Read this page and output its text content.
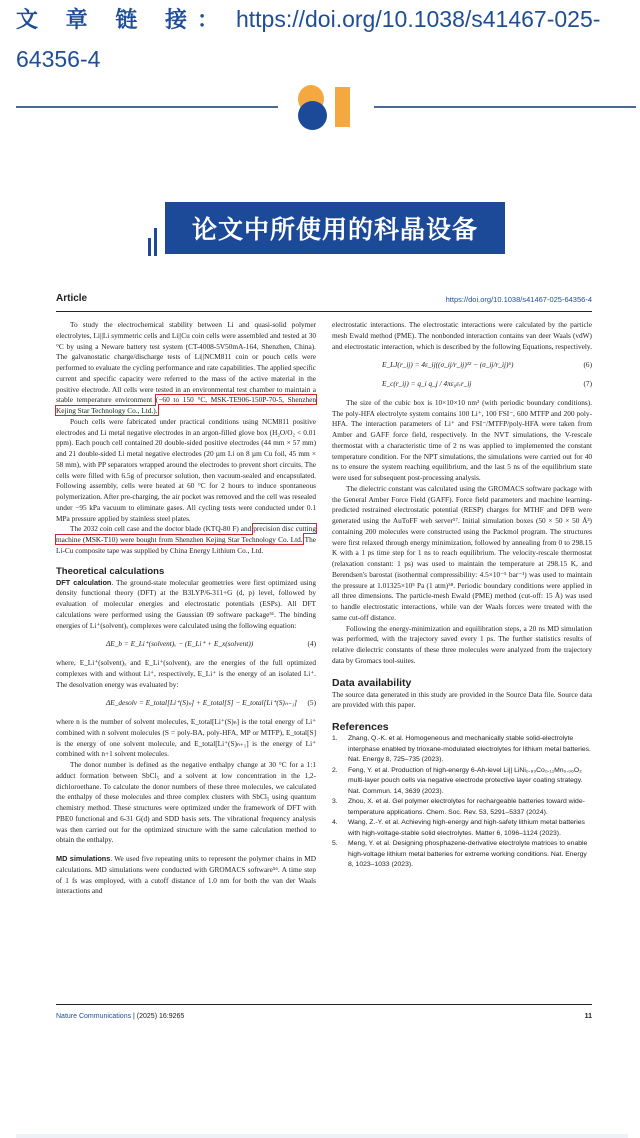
文 章 链 接： https://doi.org/10.1038/s41467-025-64356-4
论文中所使用的科晶设备
Article	https://doi.org/10.1038/s41467-025-64356-4

To study the electrochemical stability between Li and quasi-solid polymer electrolytes, Li||Li symmetric cells and Li||Cu coin cells were assembled and tested at 30 °C by using a Neware battery test system (CT-4008-5V50mA-164, Shenzhen, China). The galvanostatic charge/discharge tests of Li||NCM811 coin or pouch cells were performed to evaluate the cycling performance and rate capabilities. The applied specific current and specific capacity were referred to the mass of the active material in the positive electrode. All cells were tested in an environmental test chamber to maintain a stable temperature environment (−60 to 150 °C, MSK-TE906-150P-70-5, Shenzhen Kejing Star Technology Co., Ltd.).

Pouch cells were fabricated under practical conditions using NCM811 positive electrodes and Li metal negative electrodes in an argon-filled glove box (H₂O/O₂ < 0.01 ppm). Each pouch cell contained 20 double-sided positive electrodes (44 mm × 57 mm) and 21 double-sided Li metal negative electrodes (20 µm Li on 8 µm Cu foil, 45 mm × 58 mm), with PP separators wrapped around the electrodes to prevent short circuits. The cells were filled with 6.5g of precursor solution, then vacuum-sealed and encapsulated. Following assembly, cells were heated at 60 °C for 2 hours to induce spontaneous polymerization. After pre-charging, the air pocket was removed and the cell was resealed under −95 kPa vacuum to eliminate gases. All cycling tests were conducted under 0.1 MPa pressure applied by stainless steel plates.

The 2032 coin cell case and the doctor blade (KTQ-80 F) and precision disc cutting machine (MSK-T10) were bought from Shenzhen Kejing Star Technology Co. Ltd. The Li-Cu composite tape was supplied by China Energy Lithium Co., Ltd.

Theoretical calculations

DFT calculation. The ground-state molecular geometries were first optimized using density functional theory (DFT) at the B3LYP/6-311+G (d, p) level, followed by evaluation of molecular energies and electrostatic potentials (ESPs). All DFT calculations were performed using the Gaussian 09 software package⁵¹. The binding energies of Li⁺(solvent)ₓ complexes were calculated using the following equation:

ΔE_b = E_Li⁺(solvent)ₓ − (E_Li⁺ + E_x(solvent))	(4)

where, E_Li⁺(solvent)ₓ and E_Li⁺(solvent)ₓ are the energies of the full optimized complexes with and without Li⁺, respectively, E_Li⁺ is the energy of an isolated Li⁺. The desolvation energy was evaluated by:

ΔE_desolv = E_total[Li⁺(S)ₙ] + E_total[S] − E_total[Li⁺(S)ₙ₋₁] (5)

where n is the number of solvent molecules, E_total[Li⁺(S)ₙ] is the total energy of Li⁺ combined with n solvent molecules (S = poly-BA, poly-HFA, MP or MTFP), E_total[S] is the energy of one solvent molecule, and E_total[Li⁺(S)ₙ₊₁] is the energy of Li⁺ combined with n+1 solvent molecules.

The donor number is defined as the negative enthalpy change at 30 °C for a 1:1 adduct formation between SbCl₅ and a solvent at low concentration in the 1,2-dichloroethane. To calculate the donor numbers of these three molecules, we calculated the enthalpy of these molecules and three complex clusters with SbCl₅ using quantum chemistry method. These structures were optimized under the framework of DFT with PBE0 functional and 6-31 G(d) and SDD basis sets. The vibrational frequency analysis was then carried out for the optimized structure with the same calculation method to obtain the enthalpy.

MD simulations. We used five repeating units to represent the polymer chains in MD calculations. MD simulations were conducted with GROMACS software⁵⁶. A time step of 1 fs was employed, with a cutoff distance of 1.0 nm for both the van der Waals interactions and

electrostatic interactions. The electrostatic interactions were calculated by the particle mesh Ewald method (PME). The nonbonded interaction contains van deer Waals (vdW) and electrostatic interaction, which is described by the following Equations, respectively.

E_LJ(r_ij) = 4ε_ij((σ_ij/r_ij)¹² − (σ_ij/r_ij)⁶)	(6)
E_c(r_ij) = q_i q_j / 4πε₀εᵣr_ij	(7)

The size of the cubic box is 10×10×10 nm³ (with periodic boundary conditions). The poly-HFA electrolyte system contains 100 Li⁺, 100 FSI⁻, 600 MTFP and 200 poly-HFA. The interaction parameters of Li⁺ and FSI⁻/MTFP/poly-HFA were taken from Amber and GAFF force field, respectively. In the NVT simulations, the V-rescale thermostat with a characteristic time of 2 ns was applied to implemented the constant temperature condition. For the NPT simulations, the simulations were carried out for 40 ns to ensure the system reaching equilibrium, and the last 5 ns of the equilibrium state were used for subsequent post-processing analysis.

The dielectric constant was calculated using the GROMACS software package with the General Amber Force Field (GAFF). Force field parameters and machine learning-predicted restrained electrostatic potential (RESP) charges for MTHF and DFB were generated using the AuToFF web server⁵⁷. Initial simulation boxes (50 × 50 × 50 Å³) containing 200 molecules were constructed using the Packmol program. The structures were first relaxed through energy minimization, followed by annealing from 0 to 298.15 K with a 1 ps time step for 1 ns to reach equilibrium. The velocity-rescale thermostat (relaxation constant: 1 ps) was used to maintain the temperature at 298.15 K, and Berendsen's barostat (isothermal compressibility: 4.5×10⁻⁵ bar⁻¹) was used to maintain the pressure at 1.01325×10⁵ Pa (1 atm)⁵⁸. Periodic boundary conditions were applied in all three dimensions. The particle-mesh Ewald (PME) method (cut-off: 15 Å) was used to handle electrostatic interactions, while van der Waals forces were treated with the same cut-off distance.

Following the energy-minimization and equilibration steps, a 20 ns MD simulation was performed, with the trajectory saved every 1 ps. The further statistics results of relative dielectric constants of these three molecules were analyzed from the trajectory data by Gromacs tool-suites.

Data availability

The source data generated in this study are provided in the Source Data file. Source data are provided with this paper.

References
1.	Zhang, Q.-K. et al. Homogeneous and mechanically stable solid-electrolyte interphase enabled by trioxane-modulated electrolytes for lithium metal batteries. Nat. Energy 8, 725–735 (2023).
2.	Feng, Y. et al. Production of high-energy 6-Ah-level Li|| LiNi₀.₈₃Co₀.₁₁Mn₀.₀₆O₂ multi-layer pouch cells via negative electrode protective layer coating strategy. Nat. Commun. 14, 3639 (2023).
3.	Zhou, X. et al. Gel polymer electrolytes for rechargeable batteries toward wide-temperature applications. Chem. Soc. Rev. 53, 5291–5337 (2024).
4.	Wang, Z.-Y. et al. Achieving high-energy and high-safety lithium metal batteries with high-voltage-stable solid electrolytes. Matter 6, 1096–1124 (2023).
5.	Meng, Y. et al. Designing phosphazene-derivative electrolyte matrices to enable high-voltage lithium metal batteries for extreme working conditions. Nat. Energy 8, 1023–1033 (2023).
Nature Communications | (2025) 16:9265	11
